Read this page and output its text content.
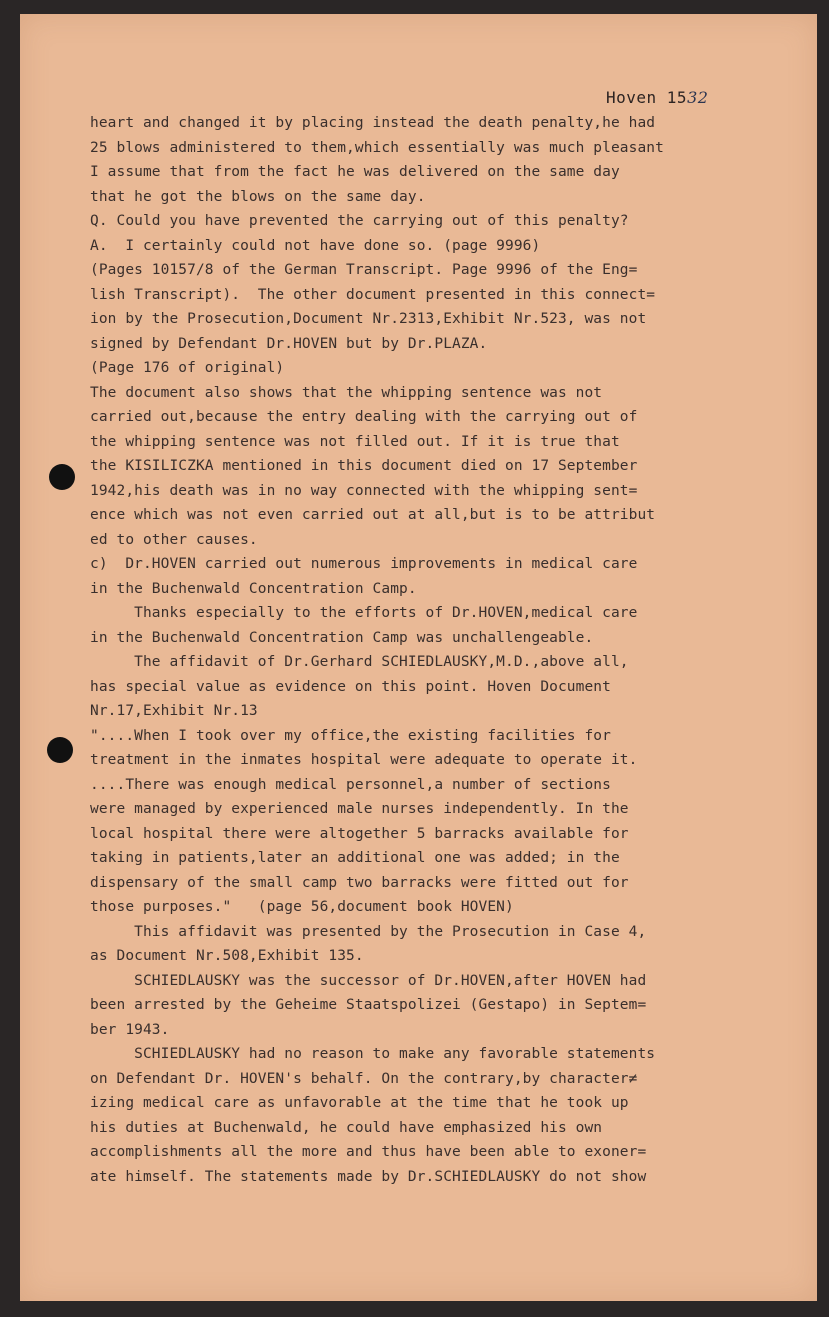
Hoven 1532
heart and changed it by placing instead the death penalty,he had
25 blows administered to them,which essentially was much pleasant
I assume that from the fact he was delivered on the same day
that he got the blows on the same day.
Q. Could you have prevented the carrying out of this penalty?
A.  I certainly could not have done so. (page 9996)
(Pages 10157/8 of the German Transcript. Page 9996 of the Eng=
lish Transcript).  The other document presented in this connect=
ion by the Prosecution,Document Nr.2313,Exhibit Nr.523, was not
signed by Defendant Dr.HOVEN but by Dr.PLAZA.
(Page 176 of original)
The document also shows that the whipping sentence was not
carried out,because the entry dealing with the carrying out of
the whipping sentence was not filled out. If it is true that
the KISILICZKA mentioned in this document died on 17 September
1942,his death was in no way connected with the whipping sent=
ence which was not even carried out at all,but is to be attribut
ed to other causes.
c)  Dr.HOVEN carried out numerous improvements in medical care
in the Buchenwald Concentration Camp.
Thanks especially to the efforts of Dr.HOVEN,medical care
in the Buchenwald Concentration Camp was unchallengeable.
The affidavit of Dr.Gerhard SCHIEDLAUSKY,M.D.,above all,
has special value as evidence on this point. Hoven Document
Nr.17,Exhibit Nr.13
"....When I took over my office,the existing facilities for
treatment in the inmates hospital were adequate to operate it.
....There was enough medical personnel,a number of sections
were managed by experienced male nurses independently. In the
local hospital there were altogether 5 barracks available for
taking in patients,later an additional one was added; in the
dispensary of the small camp two barracks were fitted out for
those purposes."   (page 56,document book HOVEN)
This affidavit was presented by the Prosecution in Case 4,
as Document Nr.508,Exhibit 135.
SCHIEDLAUSKY was the successor of Dr.HOVEN,after HOVEN had
been arrested by the Geheime Staatspolizei (Gestapo) in Septem=
ber 1943.
SCHIEDLAUSKY had no reason to make any favorable statements
on Defendant Dr. HOVEN's behalf. On the contrary,by character≠
izing medical care as unfavorable at the time that he took up
his duties at Buchenwald, he could have emphasized his own
accomplishments all the more and thus have been able to exoner=
ate himself. The statements made by Dr.SCHIEDLAUSKY do not show
